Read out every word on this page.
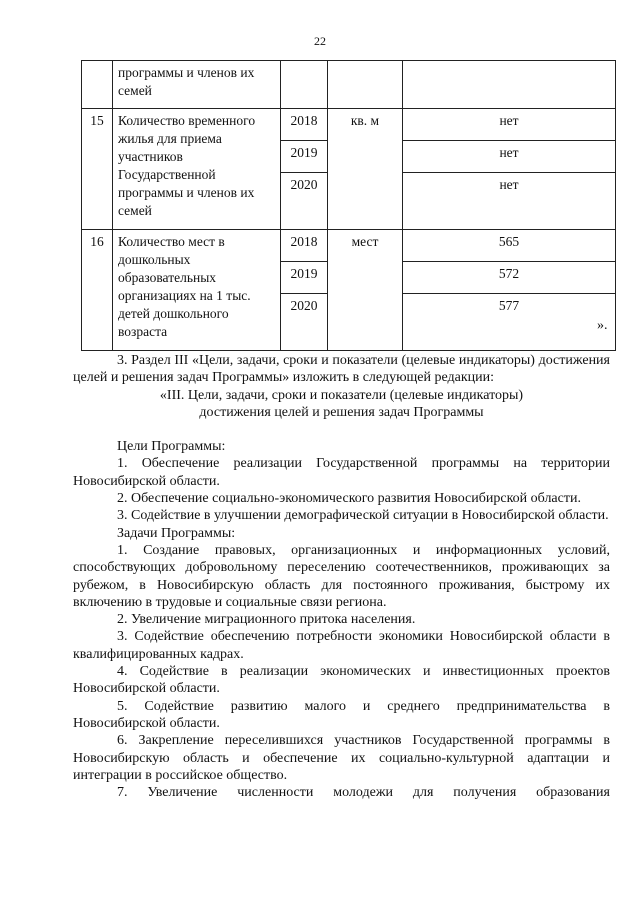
22
	программы и членов их семей			
15	Количество временного жилья для приема участников Государственной программы и членов их семей	2018	кв. м	нет
		2019		нет
		2020		нет
16	Количество мест в дошкольных образовательных организациях на 1 тыс. детей дошкольного возраста	2018	мест	565
		2019		572
		2020		577
».

3. Раздел III «Цели, задачи, сроки и показатели (целевые индикаторы) достижения целей и решения задач Программы» изложить в следующей редакции:

«III. Цели, задачи, сроки и показатели (целевые индикаторы)

достижения целей и решения задач Программы

Цели Программы:

1. Обеспечение реализации Государственной программы на территории Новосибирской области.

2. Обеспечение социально-экономического развития Новосибирской области.

3. Содействие в улучшении демографической ситуации в Новосибирской области.

Задачи Программы:

1. Создание правовых, организационных и информационных условий, способствующих добровольному переселению соотечественников, проживающих за рубежом, в Новосибирскую область для постоянного проживания, быстрому их включению в трудовые и социальные связи региона.

2. Увеличение миграционного притока населения.

3. Содействие обеспечению потребности экономики Новосибирской области в квалифицированных кадрах.

4. Содействие в реализации экономических и инвестиционных проектов Новосибирской области.

5. Содействие развитию малого и среднего предпринимательства в Новосибирской области.

6. Закрепление переселившихся участников Государственной программы в Новосибирскую область и обеспечение их социально-культурной адаптации и интеграции в российское общество.

7. Увеличение численности молодежи для получения образования
